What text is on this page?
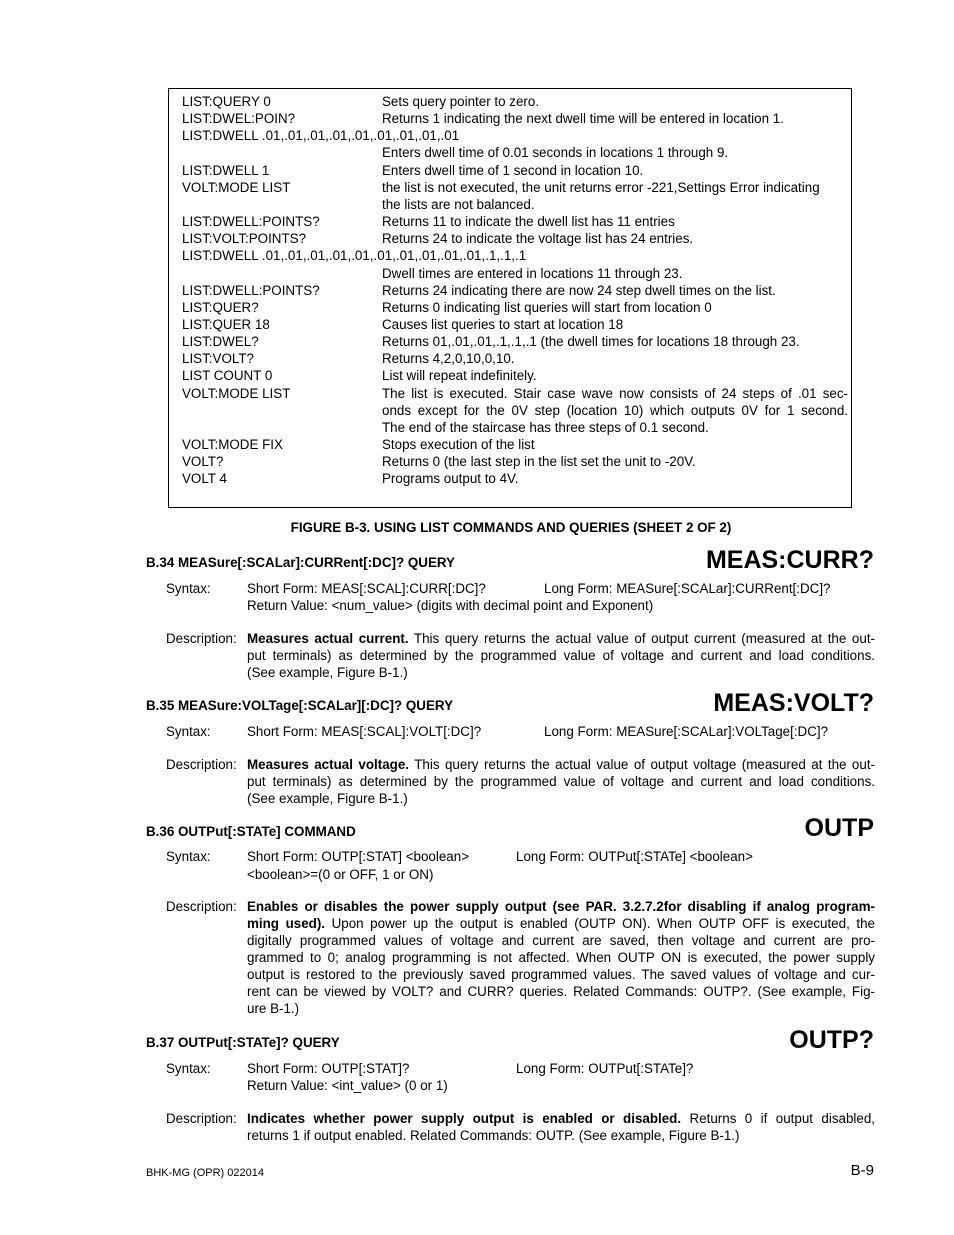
LIST:QUERY 0	Sets query pointer to zero.
LIST:DWEL:POIN?	Returns 1 indicating the next dwell time will be entered in location 1.
LIST:DWELL .01,.01,.01,.01,.01,.01,.01,.01,.01
Enters dwell time of 0.01 seconds in locations 1 through 9.
LIST:DWELL 1	Enters dwell time of 1 second in location 10.
VOLT:MODE LIST	the list is not executed, the unit returns error -221,Settings Error indicating
the lists are not balanced.
LIST:DWELL:POINTS?	Returns 11 to indicate the dwell list has 11 entries
LIST:VOLT:POINTS?	Returns 24 to indicate the voltage list has 24 entries.
LIST:DWELL .01,.01,.01,.01,.01,.01,.01,.01,.01,.01,.1,.1,.1
Dwell times are entered in locations 11 through 23.
LIST:DWELL:POINTS?	Returns 24 indicating there are now 24 step dwell times on the list.
LIST:QUER?	Returns 0 indicating list queries will start from location 0
LIST:QUER 18	Causes list queries to start at location 18
LIST:DWEL?	Returns 01,.01,.01,.1,.1,.1 (the dwell times for locations 18 through 23.
LIST:VOLT?	Returns 4,2,0,10,0,10.
LIST COUNT 0	List will repeat indefinitely.
VOLT:MODE LIST	The list is executed. Stair case wave now consists of 24 steps of .01 sec-
onds except for the 0V step (location 10) which outputs 0V for 1 second.
The end of the staircase has three steps of 0.1 second.
VOLT:MODE FIX	Stops execution of the list
VOLT?	Returns 0 (the last step in the list set the unit to -20V.
VOLT 4	Programs output to 4V.
FIGURE B-3. USING LIST COMMANDS AND QUERIES (SHEET 2 OF 2)
B.34 MEASure[:SCALar]:CURRent[:DC]? QUERY	MEAS:CURR?
Syntax:	Short Form: MEAS[:SCAL]:CURR[:DC]?	Long Form: MEASure[:SCALar]:CURRent[:DC]?
Return Value: <num_value> (digits with decimal point and Exponent)
Description: Measures actual current. This query returns the actual value of output current (measured at the out-
put terminals) as determined by the programmed value of voltage and current and load conditions.
(See example, Figure B-1.)
B.35 MEASure:VOLTage[:SCALar][:DC]? QUERY	MEAS:VOLT?
Syntax:	Short Form: MEAS[:SCAL]:VOLT[:DC]?	Long Form: MEASure[:SCALar]:VOLTage[:DC]?
Description: Measures actual voltage. This query returns the actual value of output voltage (measured at the out-
put terminals) as determined by the programmed value of voltage and current and load conditions.
(See example, Figure B-1.)
B.36 OUTPut[:STATe] COMMAND	OUTP
Syntax:	Short Form: OUTP[:STAT] <boolean>	Long Form: OUTPut[:STATe] <boolean>
<boolean>=(0 or OFF, 1 or ON)
Description: Enables or disables the power supply output (see PAR. 3.2.7.2for disabling if analog program-
ming used). Upon power up the output is enabled (OUTP ON). When OUTP OFF is executed, the
digitally programmed values of voltage and current are saved, then voltage and current are pro-
grammed to 0; analog programming is not affected. When OUTP ON is executed, the power supply
output is restored to the previously saved programmed values. The saved values of voltage and cur-
rent can be viewed by VOLT? and CURR? queries. Related Commands: OUTP?. (See example, Fig-
ure B-1.)
B.37 OUTPut[:STATe]? QUERY	OUTP?
Syntax:	Short Form: OUTP[:STAT]?	Long Form: OUTPut[:STATe]?
Return Value: <int_value> (0 or 1)
Description: Indicates whether power supply output is enabled or disabled. Returns 0 if output disabled,
returns 1 if output enabled. Related Commands: OUTP. (See example, Figure B-1.)
BHK-MG (OPR) 022014	B-9
